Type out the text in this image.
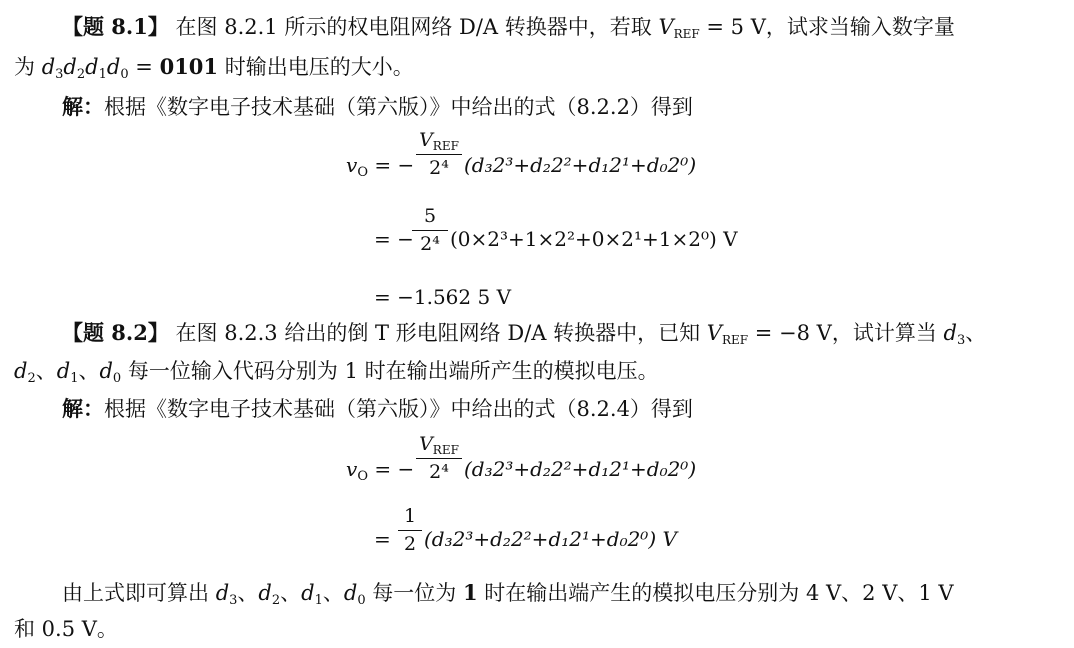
【题 8.1】 在图 8.2.1 所示的权电阻网络 D/A 转换器中，若取 $V_{REF} = 5$ V，试求当输入数字量
为 $d_3d_2d_1d_0 = 0101$ 时输出电压的大小。
解：根据《数字电子技术基础（第六版）》中给出的式（8.2.2）得到
$v_O$ = −
$V_{REF}$
2⁴ (d₃2³+d₂2²+d₁2¹+d₀2⁰)
= −
$\frac{5}{\text{2⁴}} (0\times 2^3+1\times 2^2+0\times 2^1+1\times 2^0)$ V
= −1.562 5 V
【题 8.2】 在图 8.2.3 给出的倒 T 形电阻网络 D/A 转换器中，已知 $V_{REF} = -8$ V，试计算当 $d_3$、
$d_2$、$d_1$、$d_0$ 每一位输入代码分别为 1 时在输出端所产生的模拟电压。
解：根据《数字电子技术基础（第六版）》中给出的式（8.2.4）得到
$v_O$ = −
$V_{REF}$
2⁴ (d₃2³+d₂2²+d₁2¹+d₀2⁰)
= $\frac{1}{2} (d_32^3+d_22^2+d_12^1+d_02^0)$ V
由上式即可算出 $d_3$、$d_2$、$d_1$、$d_0$ 每一位为 1 时在输出端产生的模拟电压分别为 4 V、2 V、1 V
和 0.5 V。
